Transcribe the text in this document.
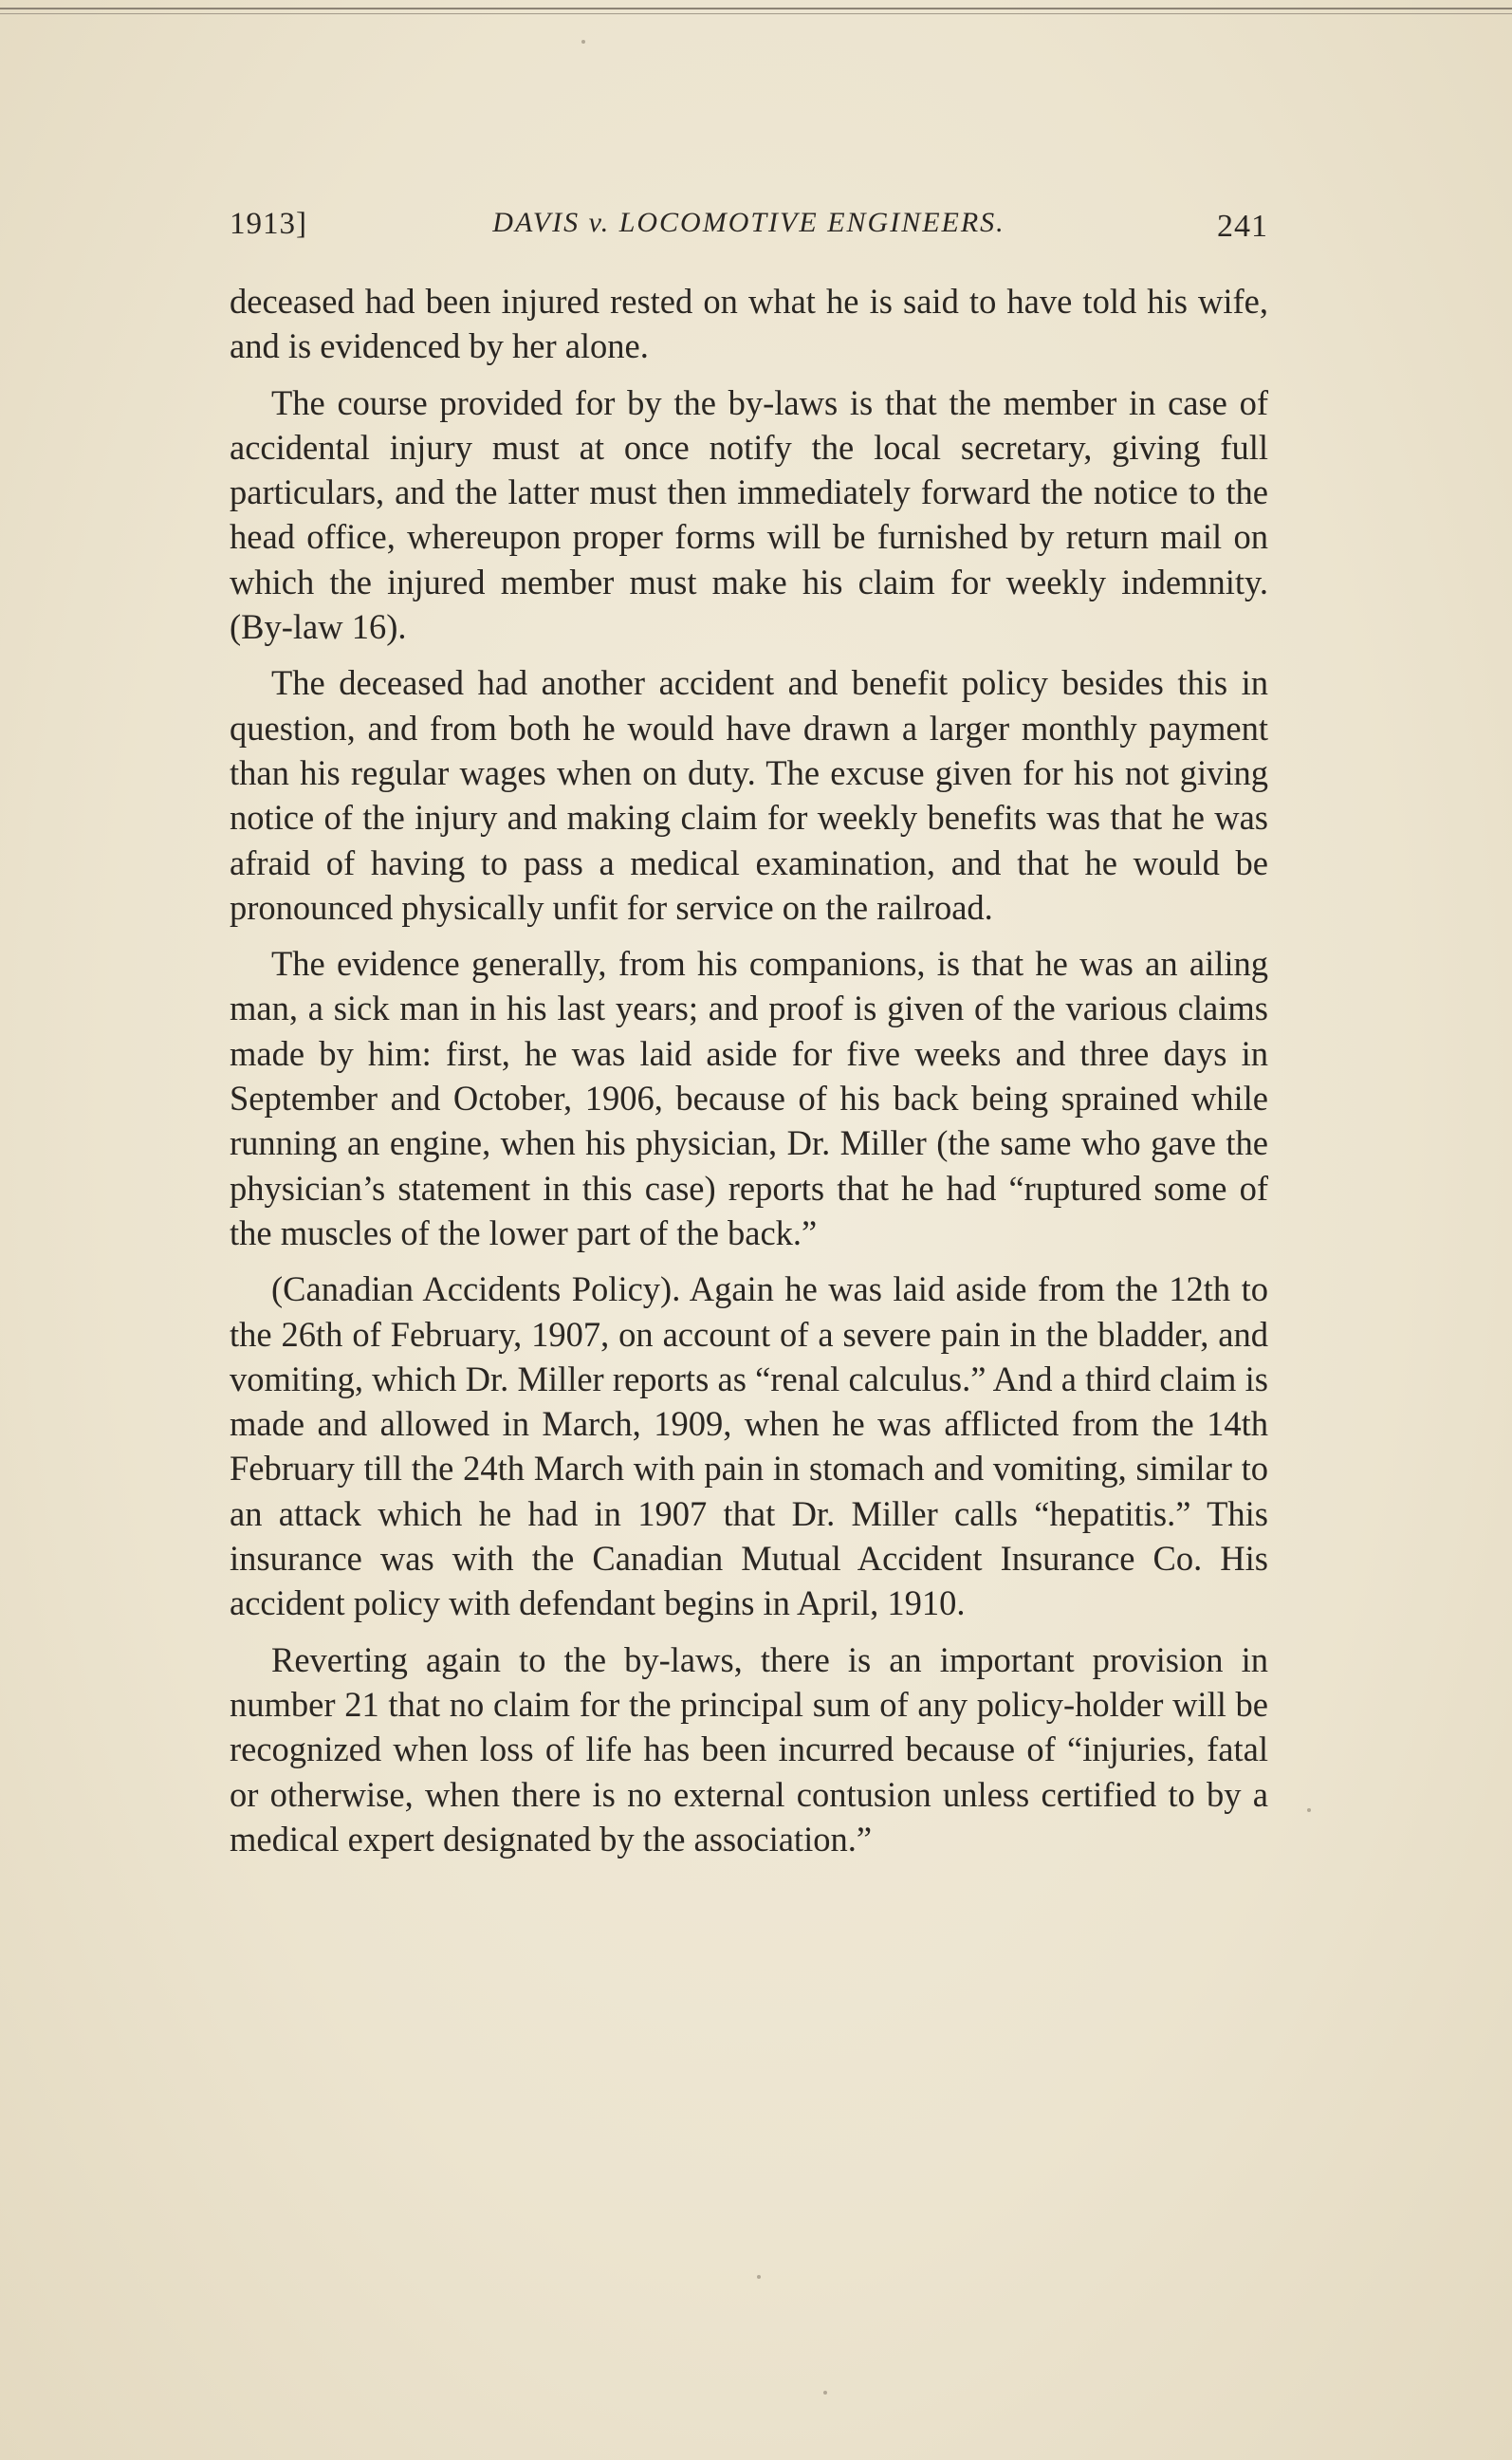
1913]	DAVIS v. LOCOMOTIVE ENGINEERS.	241

deceased had been injured rested on what he is said to have told his wife, and is evidenced by her alone.

The course provided for by the by-laws is that the member in case of accidental injury must at once notify the local secretary, giving full particulars, and the latter must then immediately forward the notice to the head office, whereupon proper forms will be furnished by return mail on which the injured member must make his claim for weekly indemnity. (By-law 16).

The deceased had another accident and benefit policy besides this in question, and from both he would have drawn a larger monthly payment than his regular wages when on duty. The excuse given for his not giving notice of the injury and making claim for weekly benefits was that he was afraid of having to pass a medical examination, and that he would be pronounced physically unfit for service on the railroad.

The evidence generally, from his companions, is that he was an ailing man, a sick man in his last years; and proof is given of the various claims made by him: first, he was laid aside for five weeks and three days in September and October, 1906, because of his back being sprained while running an engine, when his physician, Dr. Miller (the same who gave the physician’s statement in this case) reports that he had “ruptured some of the muscles of the lower part of the back.”

(Canadian Accidents Policy). Again he was laid aside from the 12th to the 26th of February, 1907, on account of a severe pain in the bladder, and vomiting, which Dr. Miller reports as “renal calculus.” And a third claim is made and allowed in March, 1909, when he was afflicted from the 14th February till the 24th March with pain in stomach and vomiting, similar to an attack which he had in 1907 that Dr. Miller calls “hepatitis.” This insurance was with the Canadian Mutual Accident Insurance Co. His accident policy with defendant begins in April, 1910.

Reverting again to the by-laws, there is an important provision in number 21 that no claim for the principal sum of any policy-holder will be recognized when loss of life has been incurred because of “injuries, fatal or otherwise, when there is no external contusion unless certified to by a medical expert designated by the association.”
